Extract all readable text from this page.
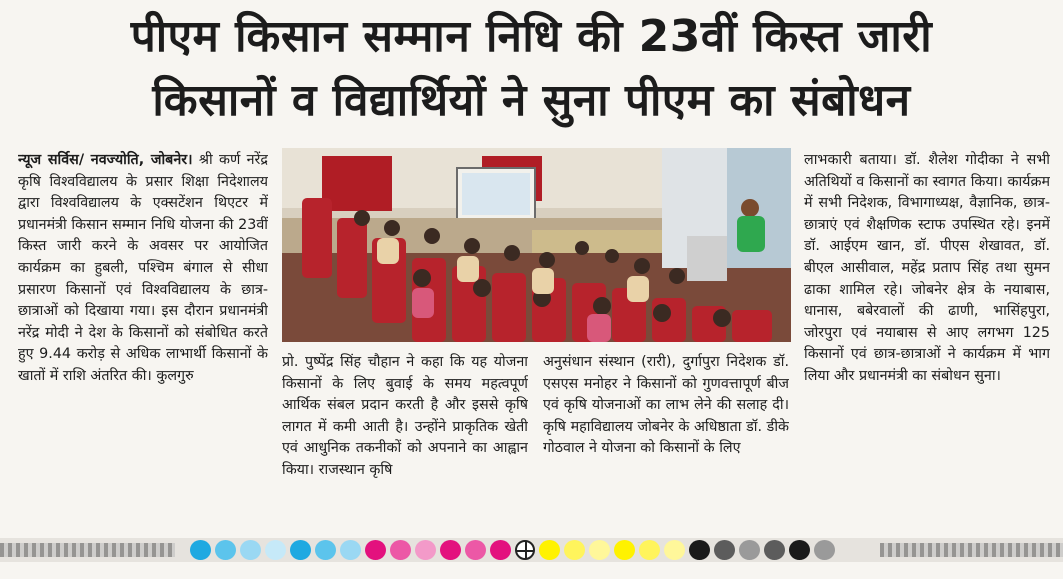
पीएम किसान सम्मान निधि की 23वीं किस्त जारी
किसानों व विद्यार्थियों ने सुना पीएम का संबोधन
न्यूज सर्विस/ नवज्योति, जोबनेर। श्री कर्ण नरेंद्र कृषि विश्वविद्यालय के प्रसार शिक्षा निदेशालय द्वारा विश्वविद्यालय के एक्सटेंशन थिएटर में प्रधानमंत्री किसान सम्मान निधि योजना की 23वीं किस्त जारी करने के अवसर पर आयोजित कार्यक्रम का हुबली, पश्चिम बंगाल से सीधा प्रसारण किसानों एवं विश्वविद्यालय के छात्र-छात्राओं को दिखाया गया। इस दौरान प्रधानमंत्री नरेंद्र मोदी ने देश के किसानों को संबोधित करते हुए 9.44 करोड़ से अधिक लाभार्थी किसानों के खातों में राशि अंतरित की। कुलगुरु
प्रो. पुष्पेंद्र सिंह चौहान ने कहा कि यह योजना किसानों के लिए बुवाई के समय महत्वपूर्ण आर्थिक संबल प्रदान करती है और इससे कृषि लागत में कमी आती है। उन्होंने प्राकृतिक खेती एवं आधुनिक तकनीकों को अपनाने का आह्वान किया। राजस्थान कृषि
अनुसंधान संस्थान (रारी), दुर्गापुरा निदेशक डॉ. एसएस मनोहर ने किसानों को गुणवत्तापूर्ण बीज एवं कृषि योजनाओं का लाभ लेने की सलाह दी। कृषि महाविद्यालय जोबनेर के अधिष्ठाता डॉ. डीके गोठवाल ने योजना को किसानों के लिए
लाभकारी बताया। डॉ. शैलेश गोदीका ने सभी अतिथियों व किसानों का स्वागत किया। कार्यक्रम में सभी निदेशक, विभागाध्यक्ष, वैज्ञानिक, छात्र-छात्राएं एवं शैक्षणिक स्टाफ उपस्थित रहे। इनमें डॉ. आईएम खान, डॉ. पीएस शेखावत, डॉ. बीएल आसीवाल, महेंद्र प्रताप सिंह तथा सुमन ढाका शामिल रहे। जोबनेर क्षेत्र के नयाबास, धानास, बबेरवालों की ढाणी, भासिंहपुरा, जोरपुरा एवं नयाबास से आए लगभग 125 किसानों एवं छात्र-छात्राओं ने कार्यक्रम में भाग लिया और प्रधानमंत्री का संबोधन सुना।
